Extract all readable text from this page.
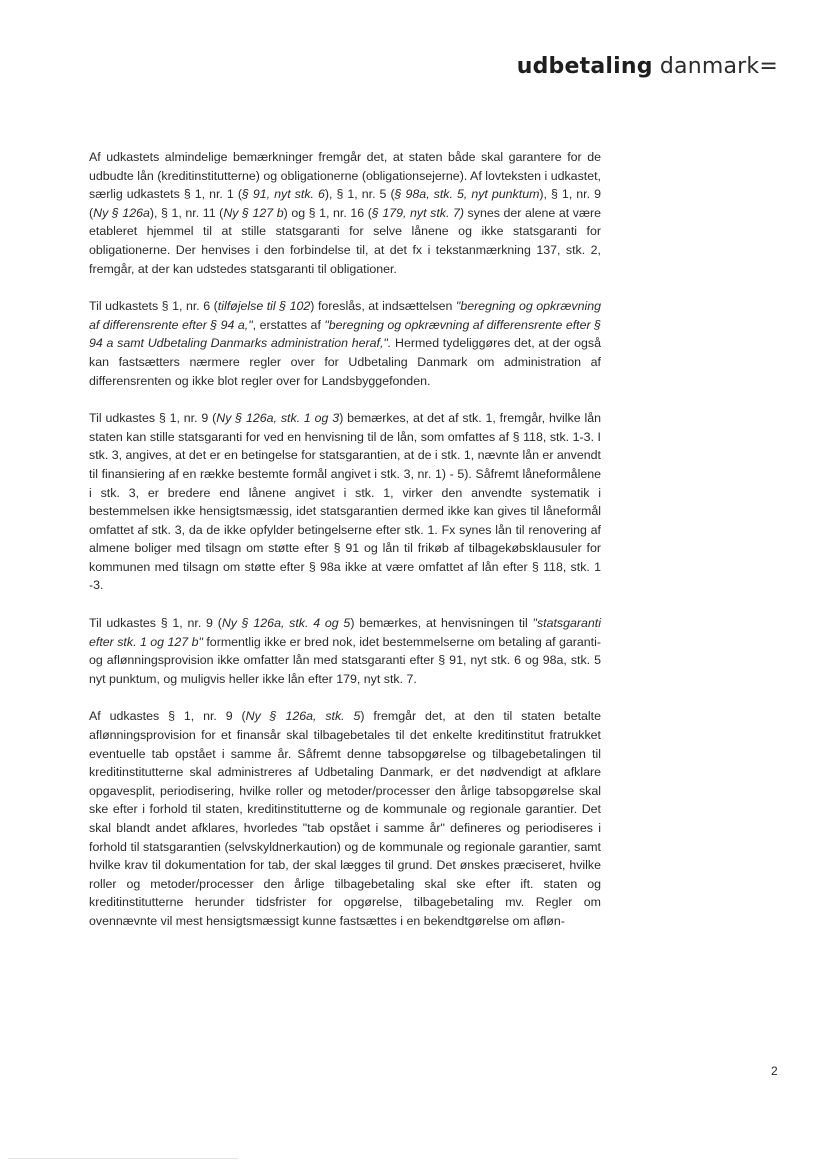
udbetaling danmark=

Af udkastets almindelige bemærkninger fremgår det, at staten både skal garantere for de udbudte lån (kreditinstitutterne) og obligationerne (obligationsejerne). Af lovteksten i udkastet, særlig udkastets § 1, nr. 1 (§ 91, nyt stk. 6), § 1, nr. 5 (§ 98a, stk. 5, nyt punktum), § 1, nr. 9 (Ny § 126a), § 1, nr. 11 (Ny § 127 b) og § 1, nr. 16 (§ 179, nyt stk. 7) synes der alene at være etableret hjemmel til at stille statsgaranti for selve lånene og ikke statsgaranti for obligationerne. Der henvises i den forbindelse til, at det fx i tekstanmærkning 137, stk. 2, fremgår, at der kan udstedes statsgaranti til obligationer.

Til udkastets § 1, nr. 6 (tilføjelse til § 102) foreslås, at indsættelsen "beregning og opkrævning af differensrente efter § 94 a,", erstattes af "beregning og opkrævning af differensrente efter § 94 a samt Udbetaling Danmarks administration heraf,". Hermed tydeliggøres det, at der også kan fastsætters nærmere regler over for Udbetaling Danmark om administration af differensrenten og ikke blot regler over for Landsbyggefonden.

Til udkastes § 1, nr. 9 (Ny § 126a, stk. 1 og 3) bemærkes, at det af stk. 1, fremgår, hvilke lån staten kan stille statsgaranti for ved en henvisning til de lån, som omfattes af § 118, stk. 1-3. I stk. 3, angives, at det er en betingelse for statsgarantien, at de i stk. 1, nævnte lån er anvendt til finansiering af en række bestemte formål angivet i stk. 3, nr. 1) - 5). Såfremt låneformålene i stk. 3, er bredere end lånene angivet i stk. 1, virker den anvendte systematik i bestemmelsen ikke hensigtsmæssig, idet statsgarantien dermed ikke kan gives til låneformål omfattet af stk. 3, da de ikke opfylder betingelserne efter stk. 1. Fx synes lån til renovering af almene boliger med tilsagn om støtte efter § 91 og lån til frikøb af tilbagekøbsklausuler for kommunen med tilsagn om støtte efter § 98a ikke at være omfattet af lån efter § 118, stk. 1 -3.

Til udkastes § 1, nr. 9 (Ny § 126a, stk. 4 og 5) bemærkes, at henvisningen til "statsgaranti efter stk. 1 og 127 b" formentlig ikke er bred nok, idet bestemmelserne om betaling af garanti- og aflønningsprovision ikke omfatter lån med statsgaranti efter § 91, nyt stk. 6 og 98a, stk. 5 nyt punktum, og muligvis heller ikke lån efter 179, nyt stk. 7.

Af udkastes § 1, nr. 9 (Ny § 126a, stk. 5) fremgår det, at den til staten betalte aflønningsprovision for et finansår skal tilbagebetales til det enkelte kreditinstitut fratrukket eventuelle tab opstået i samme år. Såfremt denne tabsopgørelse og tilbagebetalingen til kreditinstitutterne skal administreres af Udbetaling Danmark, er det nødvendigt at afklare opgavesplit, periodisering, hvilke roller og metoder/processer den årlige tabsopgørelse skal ske efter i forhold til staten, kreditinstitutterne og de kommunale og regionale garantier. Det skal blandt andet afklares, hvorledes "tab opstået i samme år" defineres og periodiseres i forhold til statsgarantien (selvskyldnerkaution) og de kommunale og regionale garantier, samt hvilke krav til dokumentation for tab, der skal lægges til grund. Det ønskes præciseret, hvilke roller og metoder/processer den årlige tilbagebetaling skal ske efter ift. staten og kreditinstitutterne herunder tidsfrister for opgørelse, tilbagebetaling mv. Regler om ovennævnte vil mest hensigtsmæssigt kunne fastsættes i en bekendtgørelse om afløn-

2
